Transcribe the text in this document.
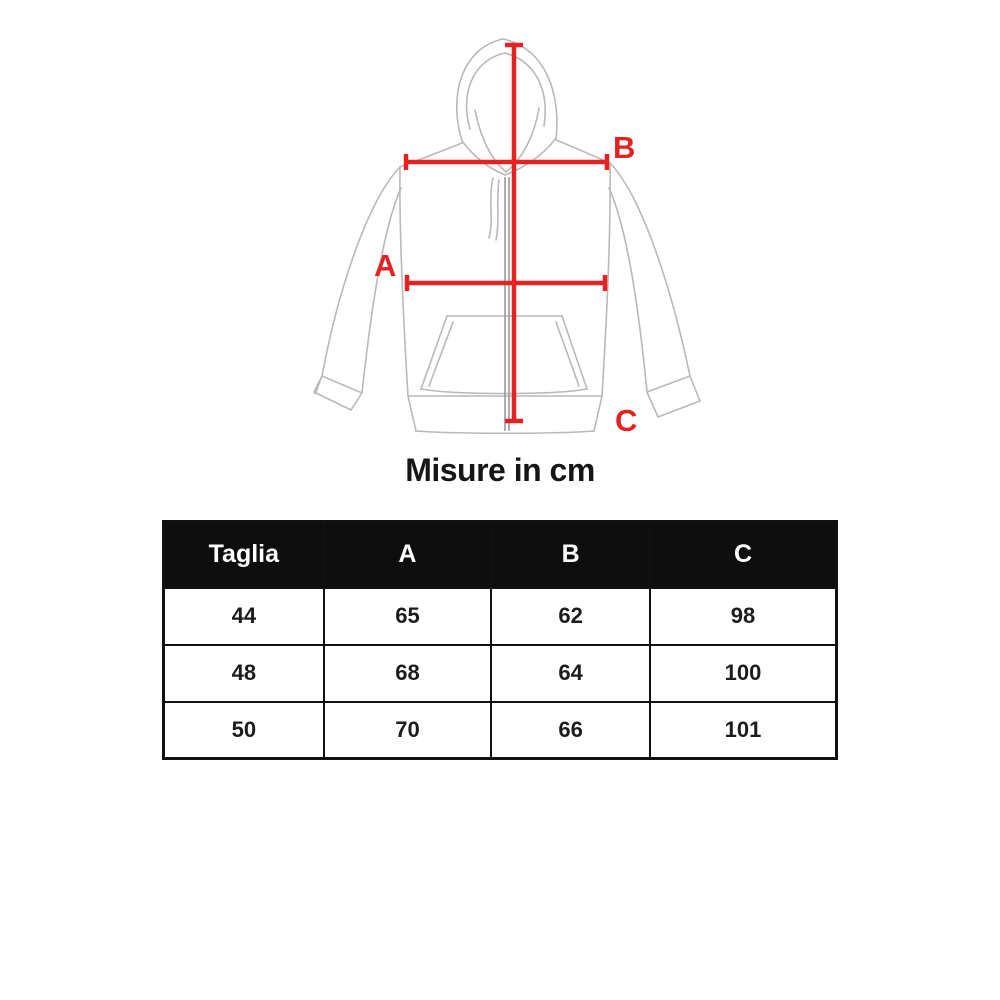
A
B
C
Misure in cm
Taglia	A	B	C
44	65	62	98
48	68	64	100
50	70	66	101
